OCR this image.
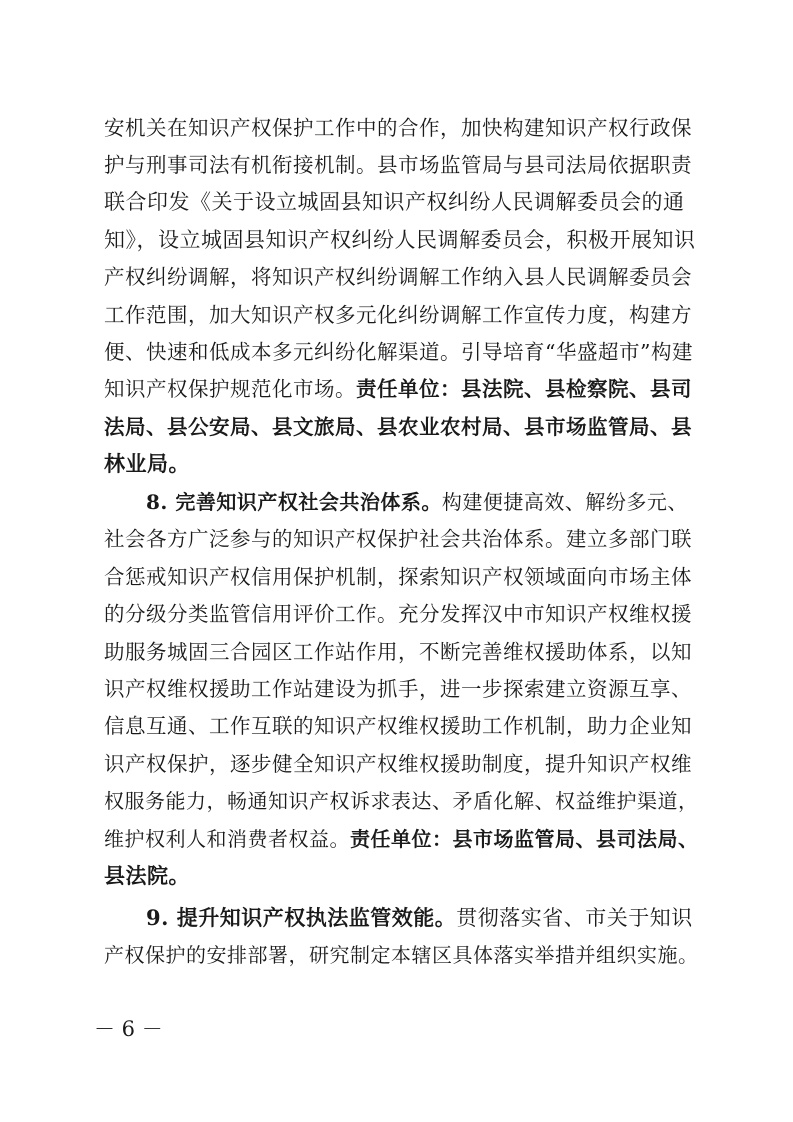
安机关在知识产权保护工作中的合作，加快构建知识产权行政保
护与刑事司法有机衔接机制。县市场监管局与县司法局依据职责
联合印发《关于设立城固县知识产权纠纷人民调解委员会的通
知》，设立城固县知识产权纠纷人民调解委员会，积极开展知识
产权纠纷调解，将知识产权纠纷调解工作纳入县人民调解委员会
工作范围，加大知识产权多元化纠纷调解工作宣传力度，构建方
便、快速和低成本多元纠纷化解渠道。引导培育“华盛超市”构建
知识产权保护规范化市场。责任单位：县法院、县检察院、县司
法局、县公安局、县文旅局、县农业农村局、县市场监管局、县
林业局。
8. 完善知识产权社会共治体系。构建便捷高效、解纷多元、
社会各方广泛参与的知识产权保护社会共治体系。建立多部门联
合惩戒知识产权信用保护机制，探索知识产权领域面向市场主体
的分级分类监管信用评价工作。充分发挥汉中市知识产权维权援
助服务城固三合园区工作站作用，不断完善维权援助体系，以知
识产权维权援助工作站建设为抓手，进一步探索建立资源互享、
信息互通、工作互联的知识产权维权援助工作机制，助力企业知
识产权保护，逐步健全知识产权维权援助制度，提升知识产权维
权服务能力，畅通知识产权诉求表达、矛盾化解、权益维护渠道，
维护权利人和消费者权益。责任单位：县市场监管局、县司法局、
县法院。
9. 提升知识产权执法监管效能。贯彻落实省、市关于知识
产权保护的安排部署，研究制定本辖区具体落实举措并组织实施。
－ 6 －
